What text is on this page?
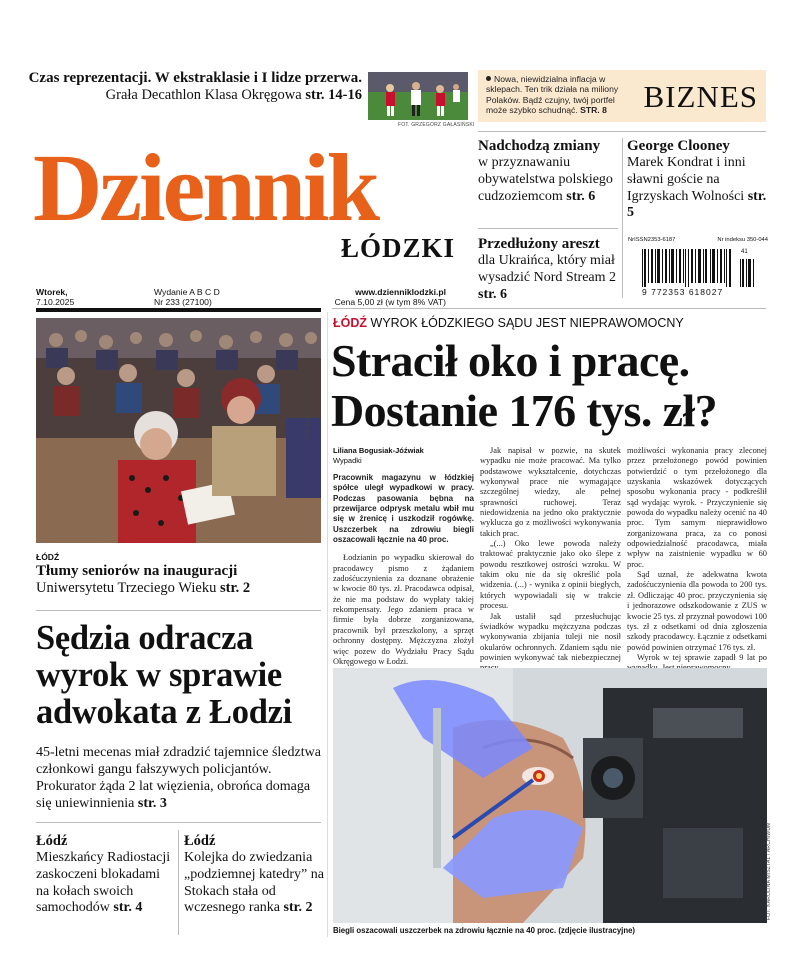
Czas reprezentacji. W ekstraklasie i I lidze przerwa.
Grała Decathlon Klasa Okręgowa str. 14-16
FOT. GRZEGORZ GAŁASIŃSKI
Nowa, niewidzialna inflacja w sklepach. Ten trik działa na miliony Polaków. Bądź czujny, twój portfel może szybko schudnąć. STR. 8	BIZNES
Dziennik
ŁÓDZKI
Wtorek,
7.10.2025
Wydanie A B C D
Nr 233 (27100)
www.dzienniklodzki.pl
Cena 5,00 zł (w tym 8% VAT)
Nadchodzą zmiany
w przyznawaniu obywatelstwa polskiego cudzoziemcom str. 6
George Clooney
Marek Kondrat i inni sławni goście na Igrzyskach Wolności str. 5
Przedłużony areszt
dla Ukraińca, który miał wysadzić Nord Stream 2 str. 6
NrISSN2353-6187	Nr indeksu 350-044
41
9 772353 618027
FOT. KRZYSZTOF SZYMCZAK
ŁÓDŹ
Tłumy seniorów na inauguracji
Uniwersytetu Trzeciego Wieku str. 2
Sędzia odracza wyrok w sprawie adwokata z Łodzi
45-letni mecenas miał zdradzić tajemnice śledztwa członkowi gangu fałszywych policjantów. Prokurator żąda 2 lat więzienia, obrońca domaga się uniewinnienia str. 3
Łódź
Mieszkańcy Radiostacji zaskoczeni blokadami na kołach swoich samochodów str. 4
Łódź
Kolejka do zwiedzania „podziemnej katedry” na Stokach stała od wczesnego ranka str. 2
ŁÓDŹ WYROK ŁÓDZKIEGO SĄDU JEST NIEPRAWOMOCNY
Stracił oko i pracę.
Dostanie 176 tys. zł?
Liliana Bogusiak-Jóźwiak
Wypadki

Pracownik magazynu w łódzkiej spółce uległ wypadkowi w pracy. Podczas pasowania bębna na przewijarce odprysk metalu wbił mu się w źrenicę i uszkodził rogówkę. Uszczerbek na zdrowiu biegli oszacowali łącznie na 40 proc.

Łodzianin po wypadku skierował do pracodawcy pismo z żądaniem zadośćuczynienia za doznane obrażenie w kwocie 80 tys. zł. Pracodawca odpisał, że nie ma podstaw do wypłaty takiej rekompensaty. Jego zdaniem praca w firmie była dobrze zorganizowana, pracownik był przeszkolony, a sprzęt ochronny dostępny. Mężczyzna złożył więc pozew do Wydziału Pracy Sądu Okręgowego w Łodzi.

Jak napisał w pozwie, na skutek wypadku nie może pracować. Ma tylko podstawowe wykształcenie, dotychczas wykonywał prace nie wymagające szczególnej wiedzy, ale pełnej sprawności ruchowej. Teraz niedowidzenia na jedno oko praktycznie wyklucza go z możliwości wykonywania takich prac.

„(...) Oko lewe powoda należy traktować praktycznie jako oko ślepe z powodu resztkowej ostrości wzroku. W takim oku nie da się określić pola widzenia. (...) - wynika z opinii biegłych, których wypowiadali się w trakcie procesu.

Jak ustalił sąd przesłuchując świadków wypadku mężczyzna podczas wykonywania zbijania tuleji nie nosił okularów ochronnych. Zdaniem sądu nie powinien wykonywać tak niebezpiecznej

możliwości wykonania pracy zleconej przez przełożonego powód powinien potwierdzić o tym przełożonego dla uzyskania wskazówek dotyczących sposobu wykonania pracy - podkreślił sąd wydając wyrok. - Przyczynienie się powoda do wypadku należy ocenić na 40 proc. Tym samym nieprawidłowo zorganizowana praca, za co ponosi odpowiedzialność pracodawca, miała wpływ na zaistnienie wypadku w 60 proc.

Sąd uznał, że adekwatna kwota zadośćuczynienia dla powoda to 200 tys. zł. Odliczając 40 proc. przyczynienia się i jednorazowe odszkodowanie z ZUS w kwocie 25 tys. zł przyznał powodowi 100 tys. zł z odsetkami od dnia zgłoszenia szkody pracodawcy. Łącznie z odsetkami powód powinien otrzymać 176 tys. zł.

Wyrok w tej sprawie zapadł 9 lat po

FOT. KAROLINA MISZTAL / ARCHIWUM
Biegli oszacowali uszczerbek na zdrowiu łącznie na 40 proc. (zdjęcie ilustracyjne)
